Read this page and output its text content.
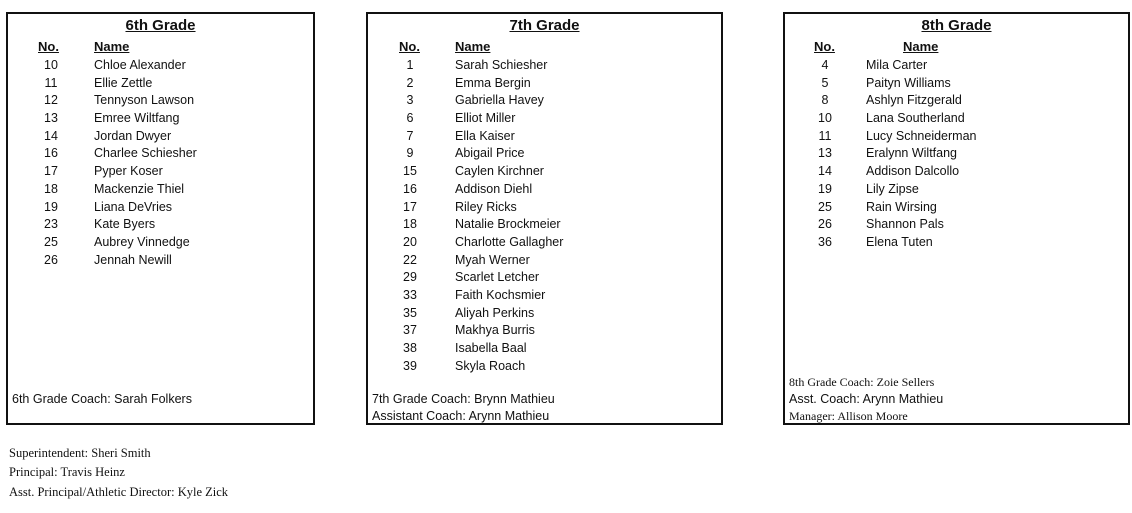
6th Grade
No.	Name
10	Chloe Alexander
11	Ellie Zettle
12	Tennyson Lawson
13	Emree Wiltfang
14	Jordan Dwyer
16	Charlee Schiesher
17	Pyper Koser
18	Mackenzie Thiel
19	Liana DeVries
23	Kate Byers
25	Aubrey Vinnedge
26	Jennah Newill
6th Grade Coach: Sarah Folkers
7th Grade
No.	Name
1	Sarah Schiesher
2	Emma Bergin
3	Gabriella Havey
6	Elliot Miller
7	Ella Kaiser
9	Abigail Price
15	Caylen Kirchner
16	Addison Diehl
17	Riley Ricks
18	Natalie Brockmeier
20	Charlotte Gallagher
22	Myah Werner
29	Scarlet Letcher
33	Faith Kochsmier
35	Aliyah Perkins
37	Makhya Burris
38	Isabella Baal
39	Skyla Roach
7th Grade Coach: Brynn Mathieu
Assistant Coach: Arynn Mathieu
8th Grade
No.	Name
4	Mila Carter
5	Paityn Williams
8	Ashlyn Fitzgerald
10	Lana Southerland
11	Lucy Schneiderman
13	Eralynn Wiltfang
14	Addison Dalcollo
19	Lily Zipse
25	Rain Wirsing
26	Shannon Pals
36	Elena Tuten
8th Grade Coach: Zoie Sellers
Asst. Coach: Arynn Mathieu
Manager: Allison Moore
Superintendent: Sheri Smith
Principal: Travis Heinz
Asst. Principal/Athletic Director: Kyle Zick
